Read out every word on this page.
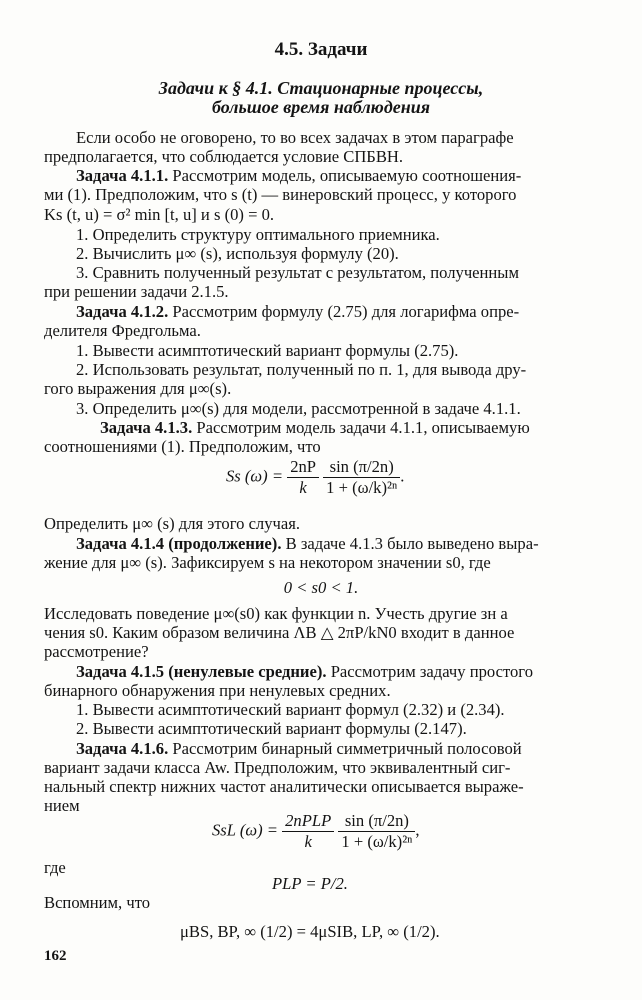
4.5. Задачи
Задачи к § 4.1. Стационарные процессы,
большое время наблюдения
Если особо не оговорено, то во всех задачах в этом параграфе
предполагается, что соблюдается условие СПБВН.
Задача 4.1.1. Рассмотрим модель, описываемую соотношения-
ми (1). Предположим, что s (t) — винеровский процесс, у которого
Ks (t, u) = σ² min [t, u] и s (0) = 0.
1. Определить структуру оптимального приемника.
2. Вычислить μ∞ (s), используя формулу (20).
3. Сравнить полученный результат с результатом, полученным
при решении задачи 2.1.5.
Задача 4.1.2. Рассмотрим формулу (2.75) для логарифма опре-
делителя Фредгольма.
1. Вывести асимптотический вариант формулы (2.75).
2. Использовать результат, полученный по п. 1, для вывода дру-
гого выражения для μ∞(s).
3. Определить μ∞(s) для модели, рассмотренной в задаче 4.1.1.
Задача 4.1.3. Рассмотрим модель задачи 4.1.1, описываемую
соотношениями (1). Предположим, что
Ss $(\omega) = \frac{2nP}{k}$
$\frac{\sin (\pi/2n)}{\text{1 + (ω/k)²ⁿ}}$ .
Определить μ∞ (s) для этого случая.
Задача 4.1.4 (продолжение). В задаче 4.1.3 было выведено выра-
жение для μ∞ (s). Зафиксируем s на некотором значении s0, где
0 < s0 < 1.
Исследовать поведение μ∞(s0) как функции n. Учесть другие зн а
чения s0. Каким образом величина ΛB △ 2πP/kN0 входит в данное
рассмотрение?
Задача 4.1.5 (ненулевые средние). Рассмотрим задачу простого
бинарного обнаружения при ненулевых средних.
1. Вывести асимптотический вариант формул (2.32) и (2.34).
2. Вывести асимптотический вариант формулы (2.147).
Задача 4.1.6. Рассмотрим бинарный симметричный полосовой
вариант задачи класса Aw. Предположим, что эквивалентный сиг-
нальный спектр нижних частот аналитически описывается выраже-
нием
SsL $(\omega) = \frac{\text{2nPLP}}{k}$
$\frac{\sin (\pi/2n)}{\text{1 + (ω/k)²ⁿ}}$ ,
где
PLP = P/2.
Вспомним, что
μBS, BP, ∞ (1/2) = 4μSIB, LP, ∞ (1/2).
162
